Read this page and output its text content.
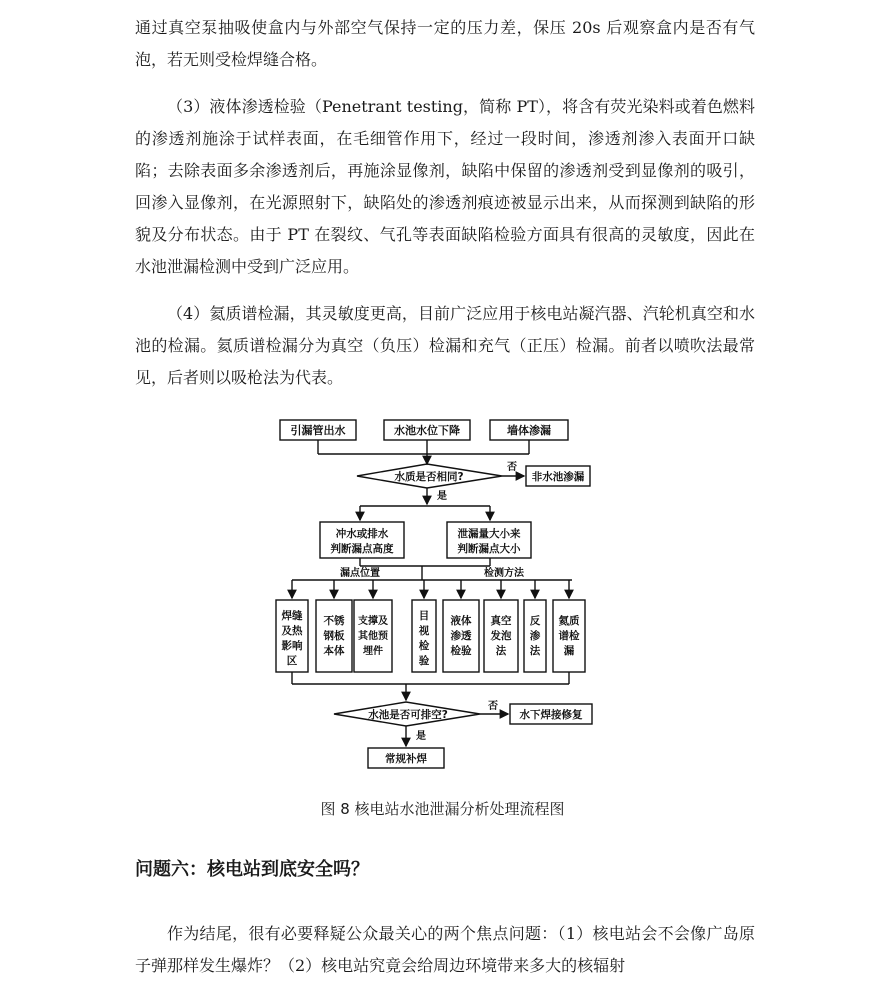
通过真空泵抽吸使盒内与外部空气保持一定的压力差，保压 20s 后观察盒内是否有气泡，若无则受检焊缝合格。

（3）液体渗透检验（Penetrant testing，简称 PT），将含有荧光染料或着色燃料的渗透剂施涂于试样表面，在毛细管作用下，经过一段时间，渗透剂渗入表面开口缺陷；去除表面多余渗透剂后，再施涂显像剂，缺陷中保留的渗透剂受到显像剂的吸引，回渗入显像剂，在光源照射下，缺陷处的渗透剂痕迹被显示出来，从而探测到缺陷的形貌及分布状态。由于 PT 在裂纹、气孔等表面缺陷检验方面具有很高的灵敏度，因此在水池泄漏检测中受到广泛应用。

（4）氦质谱检漏，其灵敏度更高，目前广泛应用于核电站凝汽器、汽轮机真空和水池的检漏。氦质谱检漏分为真空（负压）检漏和充气（正压）检漏。前者以喷吹法最常见，后者则以吸枪法为代表。

引漏管出水	水池水位下降	墙体渗漏
水质是否相同?
否
非水池渗漏
是
冲水或排水
判断漏点高度
泄漏量大小来
判断漏点大小
漏点位置	检测方法
焊缝
及热
影响
区
不锈
钢板
本体
支撑及
其他预
埋件
目
视
检
验
液体
渗透
检验
真空
发泡
法
反
渗
法
氦质
谱检
漏
水池是否可排空?
否
水下焊接修复
是
常规补焊

图 8 核电站水池泄漏分析处理流程图

问题六：核电站到底安全吗？

作为结尾，很有必要释疑公众最关心的两个焦点问题：（1）核电站会不会像广岛原子弹那样发生爆炸？（2）核电站究竟会给周边环境带来多大的核辐射
